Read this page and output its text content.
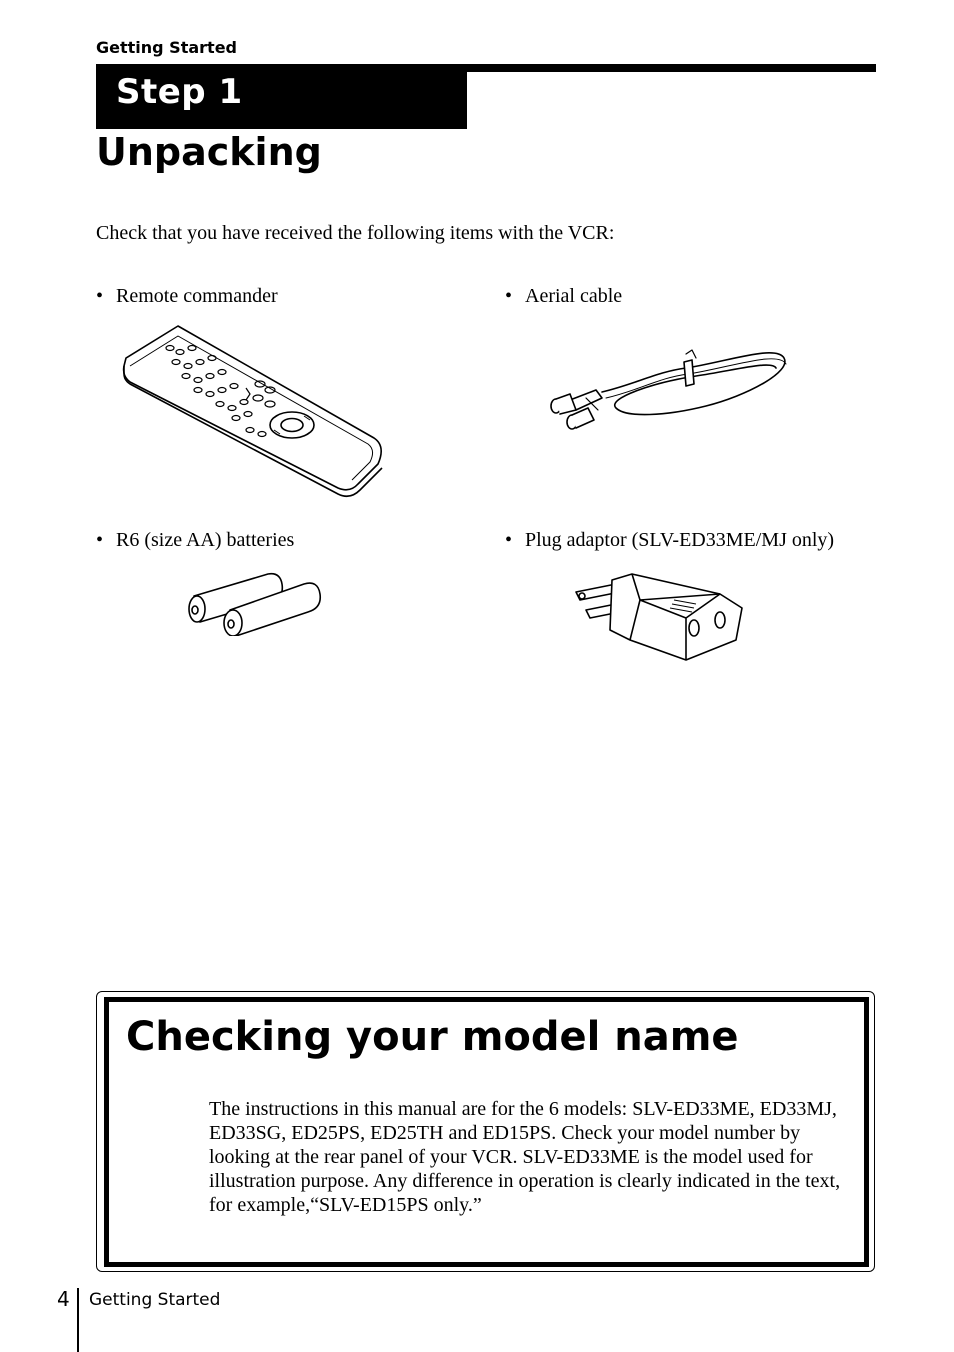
Getting Started
Step 1
Unpacking

Check that you have received the following items with the VCR:

• Remote commander	• Aerial cable
• R6 (size AA) batteries	• Plug adaptor (SLV-ED33ME/MJ only)
Checking your model name

The instructions in this manual are for the 6 models: SLV-ED33ME, ED33MJ, ED33SG, ED25PS, ED25TH and ED15PS. Check your model number by looking at the rear panel of your VCR. SLV-ED33ME is the model used for illustration purpose. Any difference in operation is clearly indicated in the text, for example,“SLV-ED15PS only.”

4 Getting Started
